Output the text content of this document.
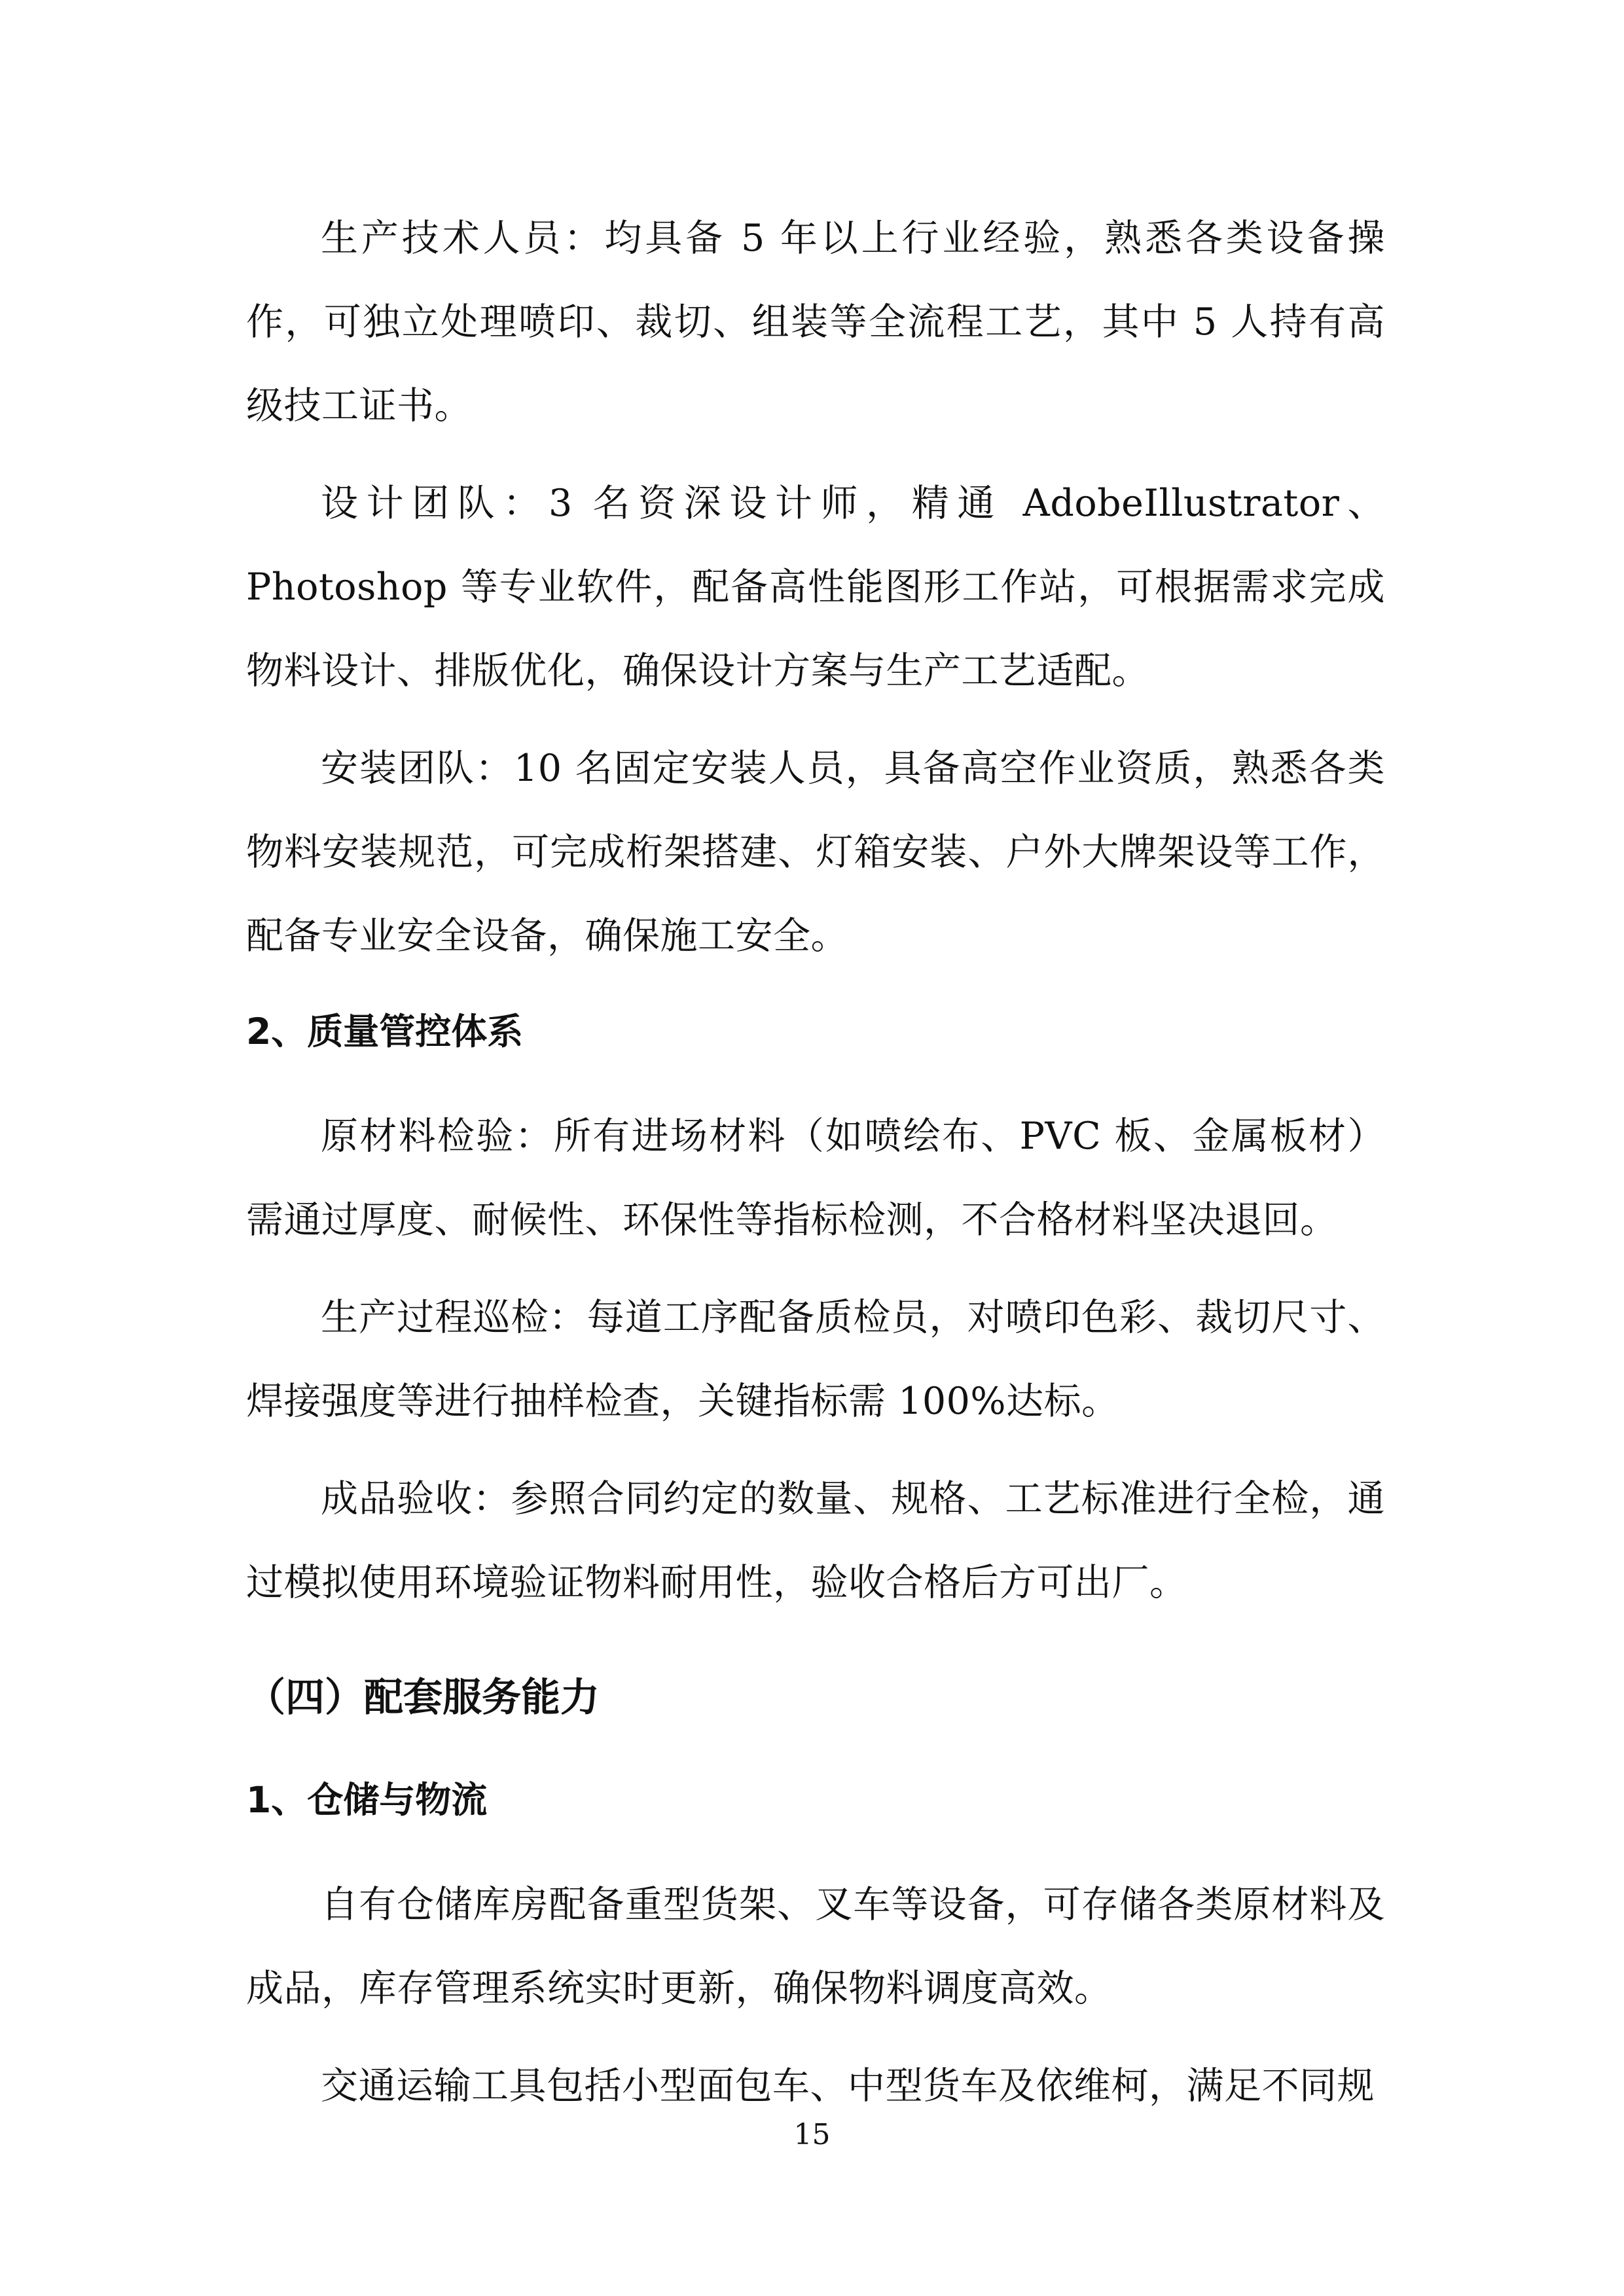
生产技术人员：均具备 5 年以上行业经验，熟悉各类设备操作，可独立处理喷印、裁切、组装等全流程工艺，其中 5 人持有高级技工证书。

设计团队：3 名资深设计师，精通 AdobeIllustrator、Photoshop 等专业软件，配备高性能图形工作站，可根据需求完成物料设计、排版优化，确保设计方案与生产工艺适配。

安装团队：10 名固定安装人员，具备高空作业资质，熟悉各类物料安装规范，可完成桁架搭建、灯箱安装、户外大牌架设等工作，配备专业安全设备，确保施工安全。

2、质量管控体系

原材料检验：所有进场材料（如喷绘布、PVC 板、金属板材）需通过厚度、耐候性、环保性等指标检测，不合格材料坚决退回。

生产过程巡检：每道工序配备质检员，对喷印色彩、裁切尺寸、焊接强度等进行抽样检查，关键指标需 100%达标。

成品验收：参照合同约定的数量、规格、工艺标准进行全检，通过模拟使用环境验证物料耐用性，验收合格后方可出厂。

（四）配套服务能力
1、仓储与物流

自有仓储库房配备重型货架、叉车等设备，可存储各类原材料及成品，库存管理系统实时更新，确保物料调度高效。

交通运输工具包括小型面包车、中型货车及依维柯，满足不同规

15
